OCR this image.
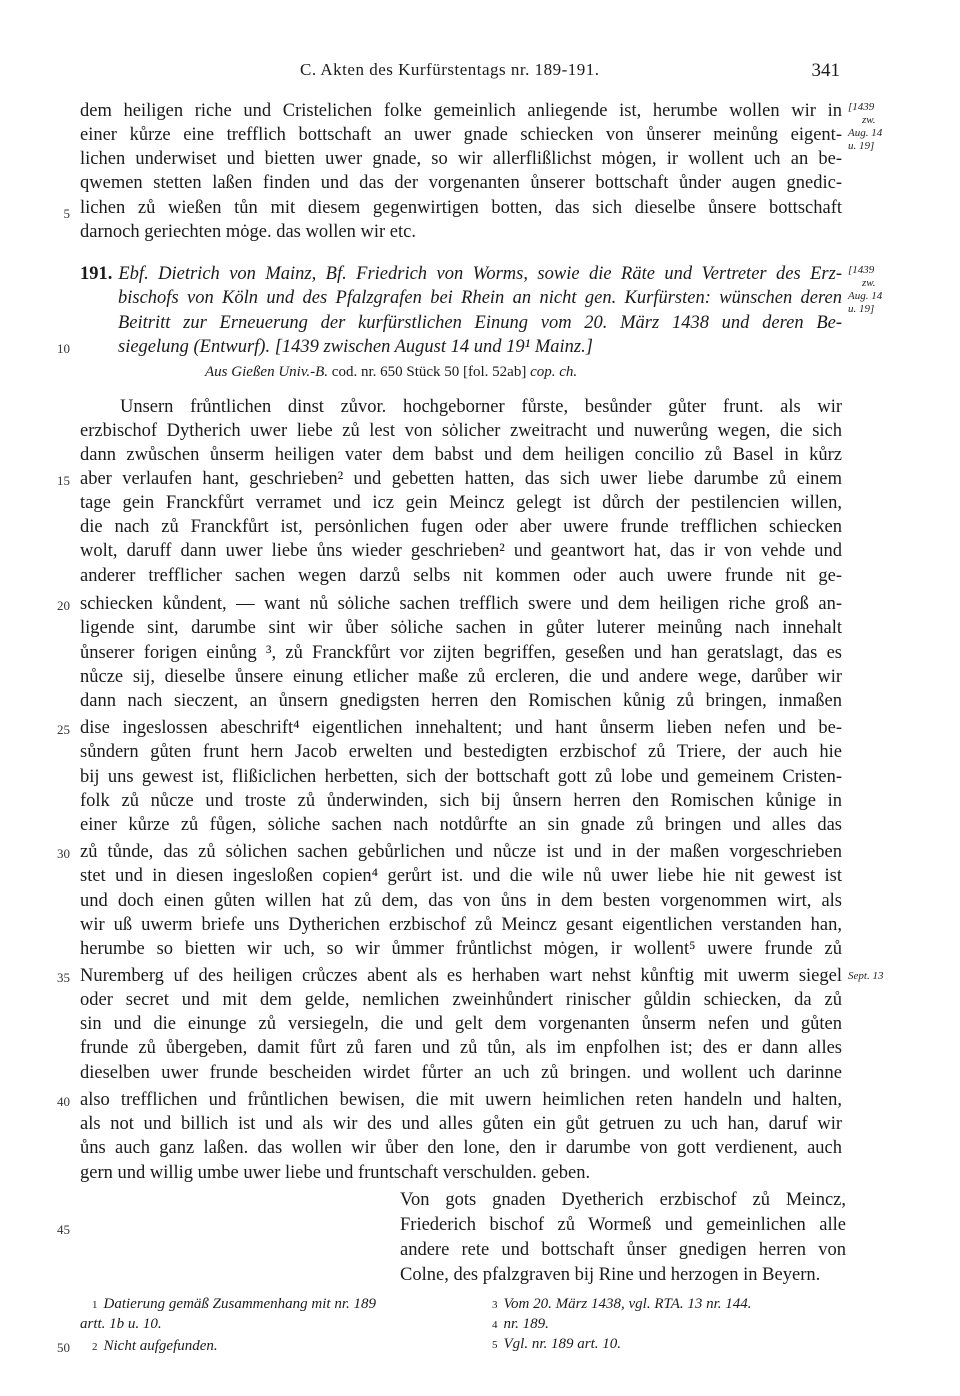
C. Akten des Kurfürstentags nr. 189-191.	341
dem heiligen riche und Cristelichen folke gemeinlich anliegende ist, herumbe wollen wir in
einer kůrze eine trefflich bottschaft an uwer gnade schiecken von ůnserer meinůng eigent-
lichen underwiset und bietten uwer gnade, so wir allerflißlichst mȯgen, ir wollent uch an be-
qwemen stetten laßen finden und das der vorgenanten ůnserer bottschaft ůnder augen gnedic-
lichen zů wießen tůn mit diesem gegenwirtigen botten, das sich dieselbe ůnsere bottschaft
darnoch geriechten mȯge. das wollen wir etc.
5
[1439
zw.
Aug. 14
u. 19]
191. Ebf. Dietrich von Mainz, Bf. Friedrich von Worms, sowie die Räte und Vertreter des Erz-
bischofs von Köln und des Pfalzgrafen bei Rhein an nicht gen. Kurfürsten: wünschen deren
Beitritt zur Erneuerung der kurfürstlichen Einung vom 20. März 1438 und deren Be-
siegelung (Entwurf). [1439 zwischen August 14 und 19¹ Mainz.]
10
[1439
zw.
Aug. 14
u. 19]
Aus Gießen Univ.-B. cod. nr. 650 Stück 50 [fol. 52ab] cop. ch.
Unsern frůntlichen dinst zůvor. hochgeborner fůrste, besůnder gůter frunt. als wir
erzbischof Dytherich uwer liebe zů lest von sȯlicher zweitracht und nuwerůng wegen, die sich
dann zwůschen ůnserm heiligen vater dem babst und dem heiligen concilio zů Basel in kůrz
aber verlaufen hant, geschrieben² und gebetten hatten, das sich uwer liebe darumbe zů einem
tage gein Franckfůrt verramet und icz gein Meincz gelegt ist důrch der pestilencien willen,
die nach zů Franckfůrt ist, persȯnlichen fugen oder aber uwere frunde trefflichen schiecken
wolt, daruff dann uwer liebe ůns wieder geschrieben² und geantwort hat, das ir von vehde und
anderer trefflicher sachen wegen darzů selbs nit kommen oder auch uwere frunde nit ge-
schiecken kůndent, — want nů sȯliche sachen trefflich swere und dem heiligen riche groß an-
ligende sint, darumbe sint wir ůber sȯliche sachen in gůter luterer meinůng nach innehalt
ůnserer forigen einůng ³, zů Franckfůrt vor zijten begriffen, geseßen und han geratslagt, das es
nůcze sij, dieselbe ůnsere einung etlicher maße zů ercleren, die und andere wege, darůber wir
dann nach sieczent, an ůnsern gnedigsten herren den Romischen kůnig zů bringen, inmaßen
dise ingeslossen abeschrift⁴ eigentlichen innehaltent; und hant ůnserm lieben nefen und be-
sůndern gůten frunt hern Jacob erwelten und bestedigten erzbischof zů Triere, der auch hie
bij uns gewest ist, flißiclichen herbetten, sich der bottschaft gott zů lobe und gemeinem Cristen-
folk zů nůcze und troste zů ůnderwinden, sich bij ůnsern herren den Romischen kůnige in
einer kůrze zů fůgen, sȯliche sachen nach notdůrfte an sin gnade zů bringen und alles das
zů tůnde, das zů sȯlichen sachen gebůrlichen und nůcze ist und in der maßen vorgeschrieben
stet und in diesen ingesloßen copien⁴ gerůrt ist. und die wile nů uwer liebe hie nit gewest ist
und doch einen gůten willen hat zů dem, das von ůns in dem besten vorgenommen wirt, als
wir uß uwerm briefe uns Dytherichen erzbischof zů Meincz gesant eigentlichen verstanden han,
herumbe so bietten wir uch, so wir ůmmer frůntlichst mȯgen, ir wollent⁵ uwere frunde zů
Nuremberg uf des heiligen crůczes abent als es herhaben wart nehst kůnftig mit uwerm siegel
oder secret und mit dem gelde, nemlichen zweinhůndert rinischer gůldin schiecken, da zů
sin und die einunge zů versiegeln, die und gelt dem vorgenanten ůnserm nefen und gůten
frunde zů ůbergeben, damit fůrt zů faren und zů tůn, als im enpfolhen ist; des er dann alles
dieselben uwer frunde bescheiden wirdet fůrter an uch zů bringen. und wollent uch darinne
also trefflichen und frůntlichen bewisen, die mit uwern heimlichen reten handeln und halten,
als not und billich ist und als wir des und alles gůten ein gůt getruen zu uch han, daruf wir
ůns auch ganz laßen. das wollen wir ůber den lone, den ir darumbe von gott verdienent, auch
gern und willig umbe uwer liebe und fruntschaft verschulden. geben.
15
20
25
30
35
40
45
50
Sept. 13
Von gots gnaden Dyetherich erzbischof zů Meincz,
Friederich bischof zů Wormeß und gemeinlichen alle
andere rete und bottschaft ůnser gnedigen herren von
Colne, des pfalzgraven bij Rine und herzogen in Beyern.
1 Datierung gemäß Zusammenhang mit nr. 189
artt. 1b u. 10.
2 Nicht aufgefunden.
3 Vom 20. März 1438, vgl. RTA. 13 nr. 144.
4 nr. 189.
5 Vgl. nr. 189 art. 10.
